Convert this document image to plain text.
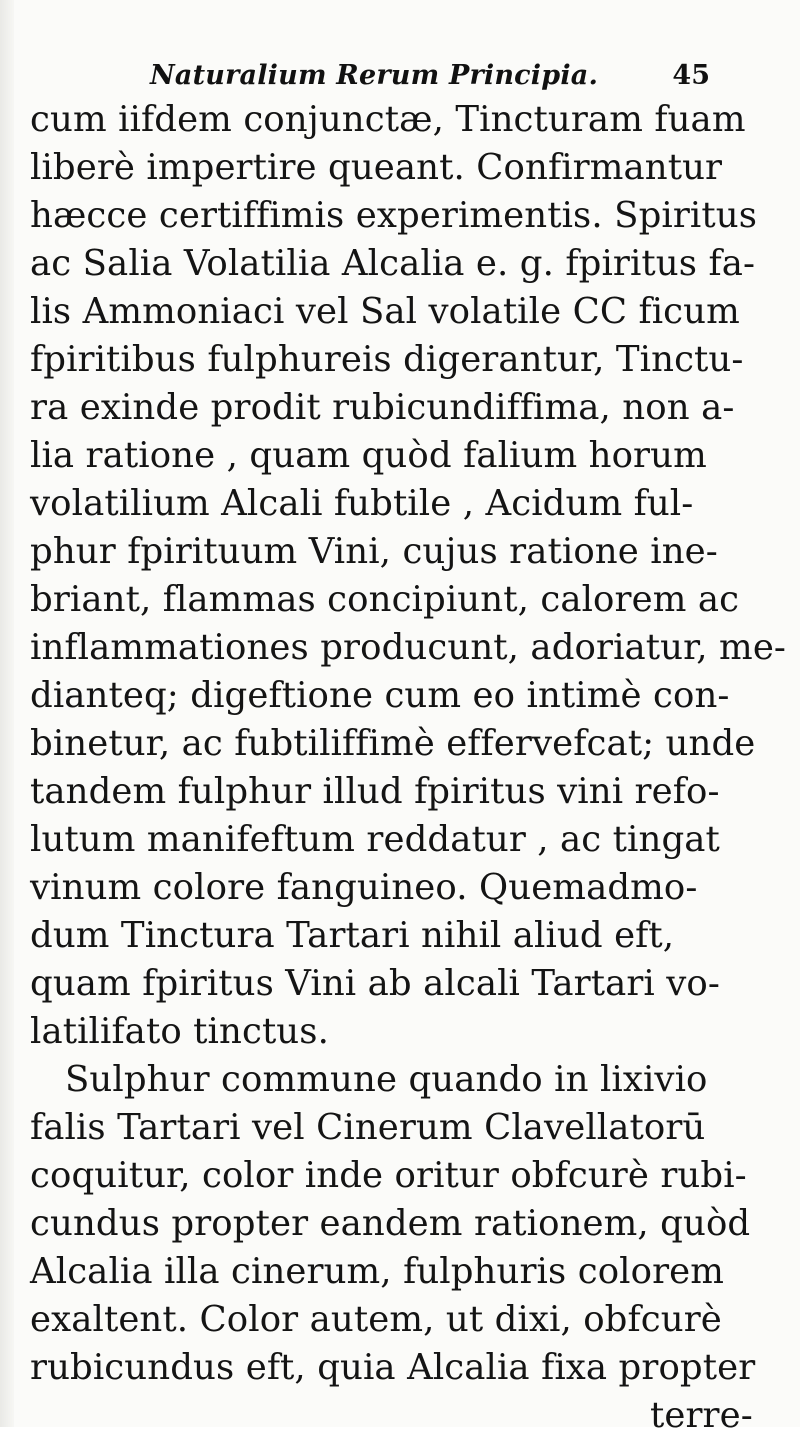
Naturalium Rerum Principia.	45
cum iifdem conjunctæ, Tincturam fuam
liberè impertire queant. Confirmantur
hæcce certiffimis experimentis. Spiritus
ac Salia Volatilia Alcalia e. g. fpiritus fa-
lis Ammoniaci vel Sal volatile CC ficum
fpiritibus fulphureis digerantur, Tinctu-
ra exinde prodit rubicundiffima, non a-
lia ratione , quam quòd falium horum
volatilium Alcali fubtile , Acidum ful-
phur fpirituum Vini, cujus ratione ine-
briant, flammas concipiunt, calorem ac
inflammationes producunt, adoriatur, me-
dianteq; digeftione cum eo intimè con-
binetur, ac fubtiliffimè effervefcat; unde
tandem fulphur illud fpiritus vini refo-
lutum manifeftum reddatur , ac tingat
vinum colore fanguineo. Quemadmo-
dum Tinctura Tartari nihil aliud eft,
quam fpiritus Vini ab alcali Tartari vo-
latilifato tinctus.
Sulphur commune quando in lixivio
falis Tartari vel Cinerum Clavellatorū
coquitur, color inde oritur obfcurè rubi-
cundus propter eandem rationem, quòd
Alcalia illa cinerum, fulphuris colorem
exaltent. Color autem, ut dixi, obfcurè
rubicundus eft, quia Alcalia fixa propter
terre-
